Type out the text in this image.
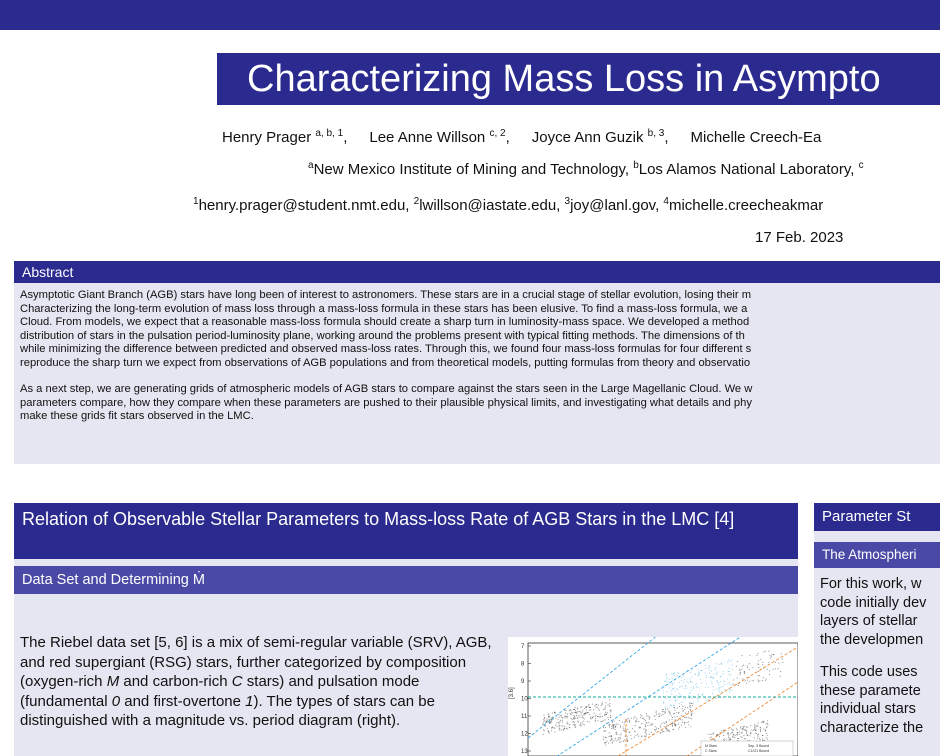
Characterizing Mass Loss in Asympto
Henry Prager $^{a, b, 1}$, Lee Anne Willson $^{c, 2}$, Joyce Ann Guzik $^{b, 3}$, Michelle Creech-Ea
$^a$New Mexico Institute of Mining and Technology, $^b$Los Alamos National Laboratory, $^c$
$^1$henry.prager@student.nmt.edu, $^2$lwillson@iastate.edu, $^3$joy@lanl.gov, $^4$michelle.creecheakmar
17 Feb. 2023
Abstract

Asymptotic Giant Branch (AGB) stars have long been of interest to astronomers. These stars are in a crucial stage of stellar evolution, losing their m
Characterizing the long-term evolution of mass loss through a mass-loss formula in these stars has been elusive. To find a mass-loss formula, we a
Cloud. From models, we expect that a reasonable mass-loss formula should create a sharp turn in luminosity-mass space. We developed a method
distribution of stars in the pulsation period-luminosity plane, working around the problems present with typical fitting methods. The dimensions of th
while minimizing the difference between predicted and observed mass-loss rates. Through this, we found four mass-loss formulas for four different s
reproduce the sharp turn we expect from observations of AGB populations and from theoretical models, putting formulas from theory and observatio

As a next step, we are generating grids of atmospheric models of AGB stars to compare against the stars seen in the Large Magellanic Cloud. We w
parameters compare, how they compare when these parameters are pushed to their plausible physical limits, and investigating what details and phy
make these grids fit stars observed in the LMC.

Relation of Observable Stellar Parameters to Mass-loss Rate of AGB Stars in the LMC [4]
Data Set and Determining Ṁ
The Riebel data set [5, 6] is a mix of semi-regular variable (SRV), AGB, and red supergiant (RSG) stars, further categorized by composition (oxygen-rich M and carbon-rich C stars) and pulsation mode (fundamental 0 and first-overtone 1). The types of stars can be distinguished with a magnitude vs. period diagram (right).
[3.6]
7
8
9
10
11
12
13
M Stars
C Stars
Sep. 3 Bound
C1/O1 Bound
Parameter St
The Atmospheri

For this work, w
code initially dev
layers of stellar
the developmen

This code uses
these paramete
individual stars
characterize the
